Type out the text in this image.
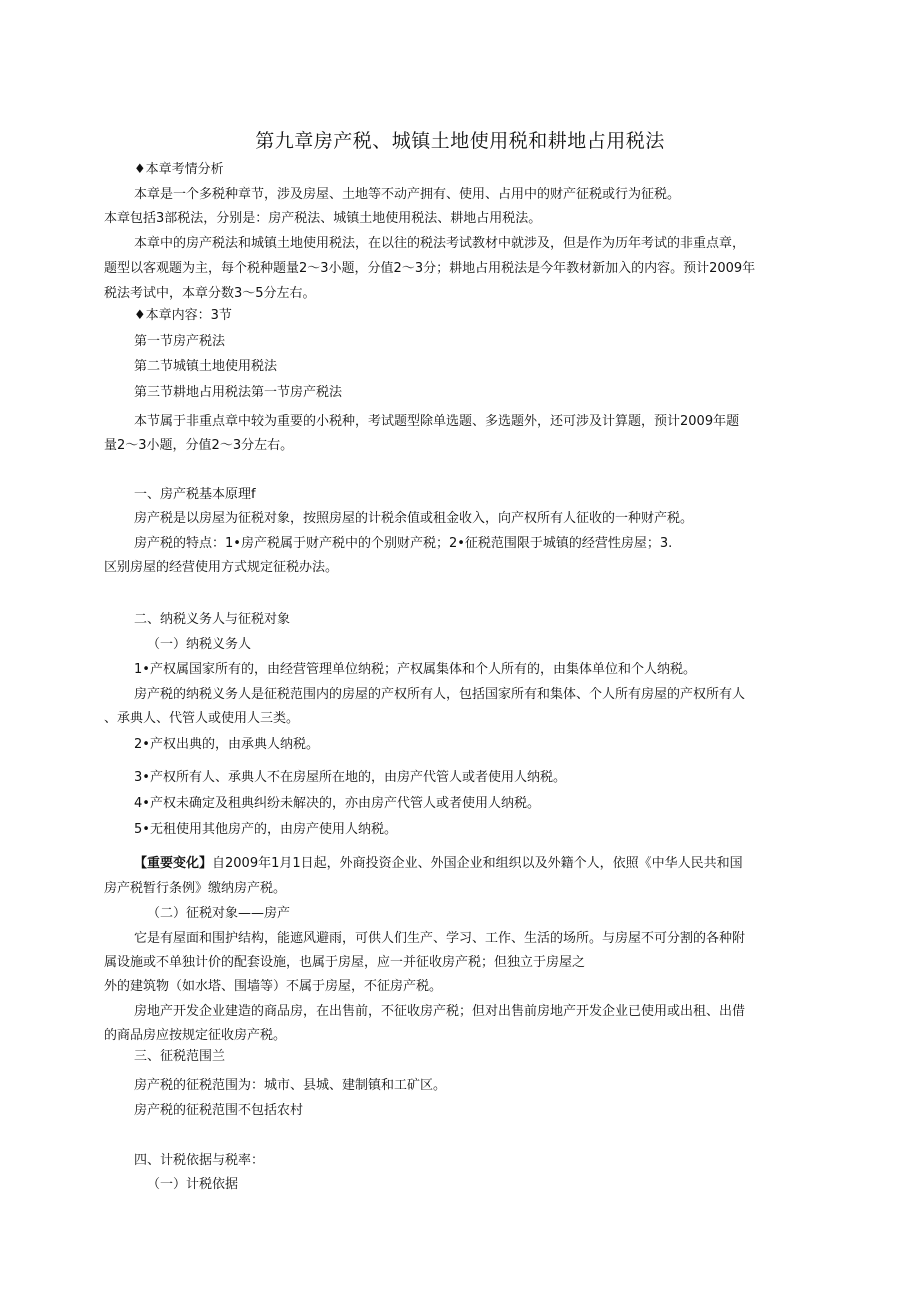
第九章房产税、城镇土地使用税和耕地占用税法
♦本章考情分析
本章是一个多税种章节，涉及房屋、土地等不动产拥有、使用、占用中的财产征税或行为征税。
本章包括3部税法，分别是：房产税法、城镇土地使用税法、耕地占用税法。
本章中的房产税法和城镇土地使用税法，在以往的税法考试教材中就涉及，但是作为历年考试的非重点章，
题型以客观题为主，每个税种题量2～3小题，分值2～3分；耕地占用税法是今年教材新加入的内容。预计2009年
税法考试中，本章分数3～5分左右。
♦本章内容：3节
第一节房产税法
第二节城镇土地使用税法
第三节耕地占用税法第一节房产税法
本节属于非重点章中较为重要的小税种，考试题型除单选题、多选题外，还可涉及计算题，预计2009年题
量2～3小题，分值2～3分左右。
一、房产税基本原理f
房产税是以房屋为征税对象，按照房屋的计税余值或租金收入，向产权所有人征收的一种财产税。
房产税的特点：1•房产税属于财产税中的个别财产税；2•征税范围限于城镇的经营性房屋；3.
区别房屋的经营使用方式规定征税办法。
二、纳税义务人与征税对象
（一）纳税义务人
1•产权属国家所有的，由经营管理单位纳税；产权属集体和个人所有的，由集体单位和个人纳税。
房产税的纳税义务人是征税范围内的房屋的产权所有人，包括国家所有和集体、个人所有房屋的产权所有人
、承典人、代管人或使用人三类。
2•产权出典的，由承典人纳税。
3•产权所有人、承典人不在房屋所在地的，由房产代管人或者使用人纳税。
4•产权未确定及租典纠纷未解决的，亦由房产代管人或者使用人纳税。
5•无租使用其他房产的，由房产使用人纳税。
【重要变化】自2009年1月1日起，外商投资企业、外国企业和组织以及外籍个人，依照《中华人民共和国
房产税暂行条例》缴纳房产税。
（二）征税对象——房产
它是有屋面和围护结构，能遮风避雨，可供人们生产、学习、工作、生活的场所。与房屋不可分割的各种附
属设施或不单独计价的配套设施，也属于房屋，应一并征收房产税；但独立于房屋之
外的建筑物（如水塔、围墙等）不属于房屋，不征房产税。
房地产开发企业建造的商品房，在出售前，不征收房产税；但对出售前房地产开发企业已使用或出租、出借
的商品房应按规定征收房产税。
三、征税范围兰
房产税的征税范围为：城市、县城、建制镇和工矿区。
房产税的征税范围不包括农村
四、计税依据与税率：
（一）计税依据
